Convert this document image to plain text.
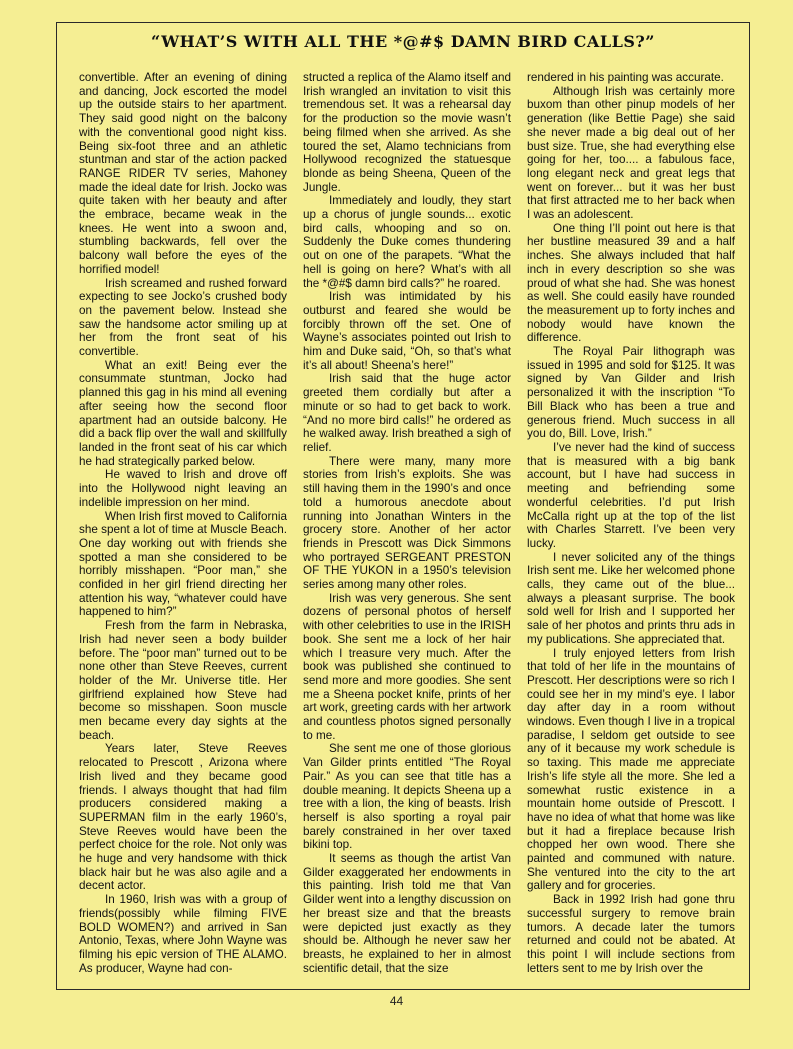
“WHAT’S WITH ALL THE *@#$ DAMN BIRD CALLS?”

convertible. After an evening of dining and dancing, Jock escorted the model up the outside stairs to her apartment. They said good night on the balcony with the conventional good night kiss. Being six-foot three and an athletic stuntman and star of the action packed RANGE RIDER TV series, Mahoney made the ideal date for Irish. Jocko was quite taken with her beauty and after the embrace, became weak in the knees. He went into a swoon and, stumbling backwards, fell over the balcony wall before the eyes of the horrified model!

Irish screamed and rushed forward expecting to see Jocko’s crushed body on the pavement below. Instead she saw the handsome actor smiling up at her from the front seat of his convertible.

What an exit! Being ever the consummate stuntman, Jocko had planned this gag in his mind all evening after seeing how the second floor apartment had an outside balcony. He did a back flip over the wall and skillfully landed in the front seat of his car which he had strategically parked below.

He waved to Irish and drove off into the Hollywood night leaving an indelible impression on her mind.

When Irish first moved to California she spent a lot of time at Muscle Beach. One day working out with friends she spotted a man she considered to be horribly misshapen. “Poor man,” she confided in her girl friend directing her attention his way, “whatever could have happened to him?”

Fresh from the farm in Nebraska, Irish had never seen a body builder before. The “poor man” turned out to be none other than Steve Reeves, current holder of the Mr. Universe title. Her girlfriend explained how Steve had become so misshapen. Soon muscle men became every day sights at the beach.

Years later, Steve Reeves relocated to Prescott , Arizona where Irish lived and they became good friends. I always thought that had film producers considered making a SUPERMAN film in the early 1960’s, Steve Reeves would have been the perfect choice for the role. Not only was he huge and very handsome with thick black hair but he was also agile and a decent actor.

In 1960, Irish was with a group of friends(possibly while filming FIVE BOLD WOMEN?) and arrived in San Antonio, Texas, where John Wayne was filming his epic version of THE ALAMO. As producer, Wayne had con-

structed a replica of the Alamo itself and Irish wrangled an invitation to visit this tremendous set. It was a rehearsal day for the production so the movie wasn’t being filmed when she arrived. As she toured the set, Alamo technicians from Hollywood recognized the statuesque blonde as being Sheena, Queen of the Jungle.

Immediately and loudly, they start up a chorus of jungle sounds... exotic bird calls, whooping and so on. Suddenly the Duke comes thundering out on one of the parapets. “What the hell is going on here? What’s with all the *@#$ damn bird calls?” he roared.

Irish was intimidated by his outburst and feared she would be forcibly thrown off the set. One of Wayne’s associates pointed out Irish to him and Duke said, “Oh, so that’s what it’s all about! Sheena’s here!”

Irish said that the huge actor greeted them cordially but after a minute or so had to get back to work. “And no more bird calls!” he ordered as he walked away. Irish breathed a sigh of relief.

There were many, many more stories from Irish’s exploits. She was still having them in the 1990’s and once told a humorous anecdote about running into Jonathan Winters in the grocery store. Another of her actor friends in Prescott was Dick Simmons who portrayed SERGEANT PRESTON OF THE YUKON in a 1950’s television series among many other roles.

Irish was very generous. She sent dozens of personal photos of herself with other celebrities to use in the IRISH book. She sent me a lock of her hair which I treasure very much. After the book was published she continued to send more and more goodies. She sent me a Sheena pocket knife, prints of her art work, greeting cards with her artwork and countless photos signed personally to me.

She sent me one of those glorious Van Gilder prints entitled “The Royal Pair.” As you can see that title has a double meaning. It depicts Sheena up a tree with a lion, the king of beasts. Irish herself is also sporting a royal pair barely constrained in her over taxed bikini top.

It seems as though the artist Van Gilder exaggerated her endowments in this painting. Irish told me that Van Gilder went into a lengthy discussion on her breast size and that the breasts were depicted just exactly as they should be. Although he never saw her breasts, he explained to her in almost scientific detail, that the size

rendered in his painting was accurate.

Although Irish was certainly more buxom than other pinup models of her generation (like Bettie Page) she said she never made a big deal out of her bust size. True, she had everything else going for her, too.... a fabulous face, long elegant neck and great legs that went on forever... but it was her bust that first attracted me to her back when I was an adolescent.

One thing I’ll point out here is that her bustline measured 39 and a half inches. She always included that half inch in every description so she was proud of what she had. She was honest as well. She could easily have rounded the measurement up to forty inches and nobody would have known the difference.

The Royal Pair lithograph was issued in 1995 and sold for $125. It was signed by Van Gilder and Irish personalized it with the inscription “To Bill Black who has been a true and generous friend. Much success in all you do, Bill. Love, Irish.”

I’ve never had the kind of success that is measured with a big bank account, but I have had success in meeting and befriending some wonderful celebrities. I’d put Irish McCalla right up at the top of the list with Charles Starrett. I’ve been very lucky.

I never solicited any of the things Irish sent me. Like her welcomed phone calls, they came out of the blue... always a pleasant surprise. The book sold well for Irish and I supported her sale of her photos and prints thru ads in my publications. She appreciated that.

I truly enjoyed letters from Irish that told of her life in the mountains of Prescott. Her descriptions were so rich I could see her in my mind’s eye. I labor day after day in a room without windows. Even though I live in a tropical paradise, I seldom get outside to see any of it because my work schedule is so taxing. This made me appreciate Irish’s life style all the more. She led a somewhat rustic existence in a mountain home outside of Prescott. I have no idea of what that home was like but it had a fireplace because Irish chopped her own wood. There she painted and communed with nature. She ventured into the city to the art gallery and for groceries.

Back in 1992 Irish had gone thru successful surgery to remove brain tumors. A decade later the tumors returned and could not be abated. At this point I will include sections from letters sent to me by Irish over the

44
